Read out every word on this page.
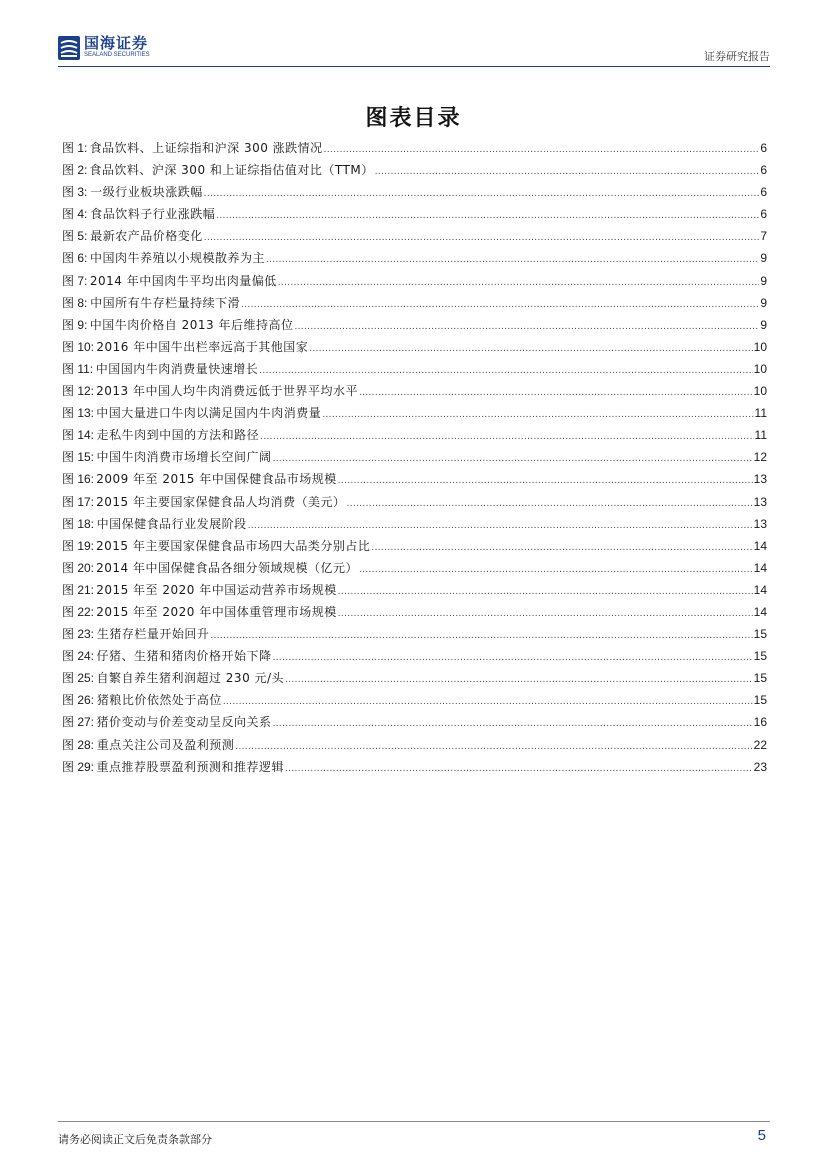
国海证券
SEALAND SECURITIES	证券研究报告
图表目录
图 1: 食品饮料、上证综指和沪深 300 涨跌情况 .....	6
图 2: 食品饮料、沪深 300 和上证综指估值对比（TTM） .....	6
图 3: 一级行业板块涨跌幅 .....	6
图 4: 食品饮料子行业涨跌幅 .....	6
图 5: 最新农产品价格变化 .....	7
图 6: 中国肉牛养殖以小规模散养为主 .....	9
图 7: 2014 年中国肉牛平均出肉量偏低 .....	9
图 8: 中国所有牛存栏量持续下滑 .....	9
图 9: 中国牛肉价格自 2013 年后维持高位 .....	9
图 10: 2016 年中国牛出栏率远高于其他国家 .....	10
图 11: 中国国内牛肉消费量快速增长 .....	10
图 12: 2013 年中国人均牛肉消费远低于世界平均水平 .....	10
图 13: 中国大量进口牛肉以满足国内牛肉消费量 .....	11
图 14: 走私牛肉到中国的方法和路径 .....	11
图 15: 中国牛肉消费市场增长空间广阔 .....	12
图 16: 2009 年至 2015 年中国保健食品市场规模 .....	13
图 17: 2015 年主要国家保健食品人均消费（美元） .....	13
图 18: 中国保健食品行业发展阶段 .....	13
图 19: 2015 年主要国家保健食品市场四大品类分别占比 .....	14
图 20: 2014 年中国保健食品各细分领域规模（亿元） .....	14
图 21: 2015 年至 2020 年中国运动营养市场规模 .....	14
图 22: 2015 年至 2020 年中国体重管理市场规模 .....	14
图 23: 生猪存栏量开始回升 .....	15
图 24: 仔猪、生猪和猪肉价格开始下降 .....	15
图 25: 自繁自养生猪利润超过 230 元/头 .....	15
图 26: 猪粮比价依然处于高位 .....	15
图 27: 猪价变动与价差变动呈反向关系 .....	16
图 28: 重点关注公司及盈利预测 .....	22
图 29: 重点推荐股票盈利预测和推荐逻辑 .....	23
请务必阅读正文后免责条款部分	5
